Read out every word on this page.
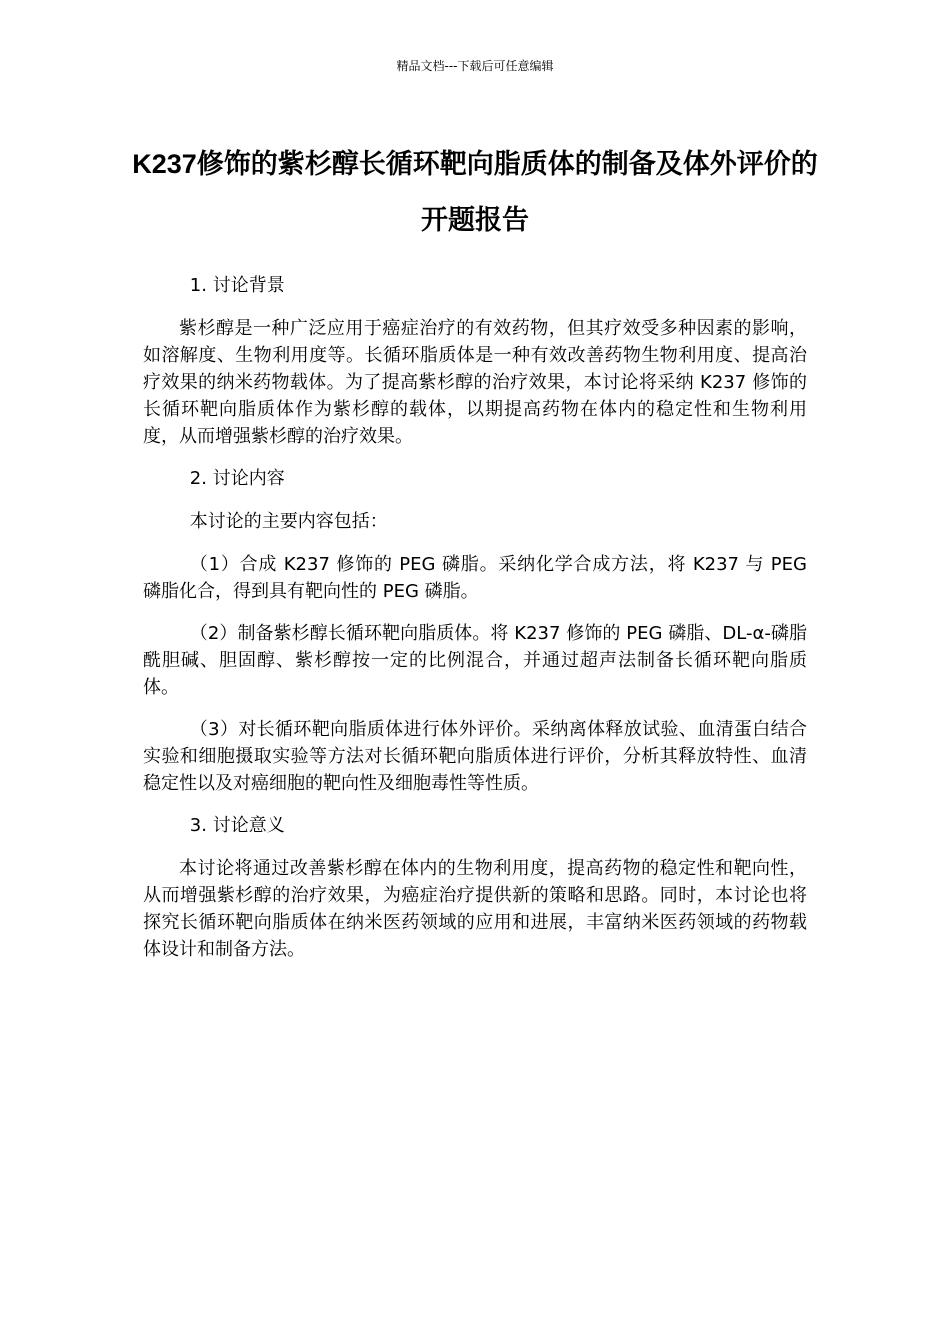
精品文档---下载后可任意编辑
K237修饰的紫杉醇长循环靶向脂质体的制备及体外评价的开题报告

1. 讨论背景

紫杉醇是一种广泛应用于癌症治疗的有效药物，但其疗效受多种因素的影响，如溶解度、生物利用度等。长循环脂质体是一种有效改善药物生物利用度、提高治疗效果的纳米药物载体。为了提高紫杉醇的治疗效果，本讨论将采纳 K237 修饰的长循环靶向脂质体作为紫杉醇的载体，以期提高药物在体内的稳定性和生物利用度，从而增强紫杉醇的治疗效果。

2. 讨论内容

本讨论的主要内容包括：

（1）合成 K237 修饰的 PEG 磷脂。采纳化学合成方法，将 K237 与 PEG 磷脂化合，得到具有靶向性的 PEG 磷脂。

（2）制备紫杉醇长循环靶向脂质体。将 K237 修饰的 PEG 磷脂、DL-α-磷脂酰胆碱、胆固醇、紫杉醇按一定的比例混合，并通过超声法制备长循环靶向脂质体。

（3）对长循环靶向脂质体进行体外评价。采纳离体释放试验、血清蛋白结合实验和细胞摄取实验等方法对长循环靶向脂质体进行评价，分析其释放特性、血清稳定性以及对癌细胞的靶向性及细胞毒性等性质。

3. 讨论意义

本讨论将通过改善紫杉醇在体内的生物利用度，提高药物的稳定性和靶向性，从而增强紫杉醇的治疗效果，为癌症治疗提供新的策略和思路。同时，本讨论也将探究长循环靶向脂质体在纳米医药领域的应用和进展，丰富纳米医药领域的药物载体设计和制备方法。
